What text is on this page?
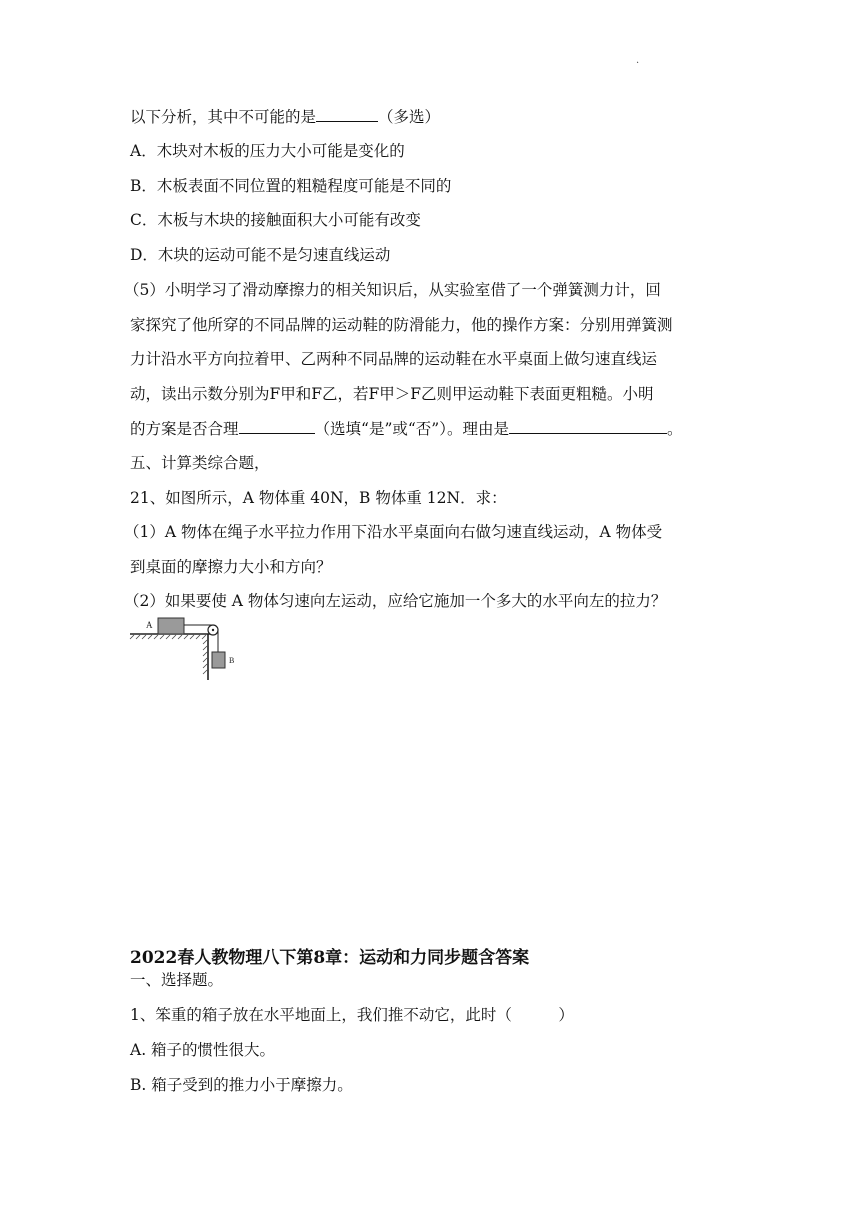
·
以下分析，其中不可能的是	（多选）
A．木块对木板的压力大小可能是变化的
B．木板表面不同位置的粗糙程度可能是不同的
C．木板与木块的接触面积大小可能有改变
D．木块的运动可能不是匀速直线运动
（5）小明学习了滑动摩擦力的相关知识后，从实验室借了一个弹簧测力计，回
家探究了他所穿的不同品牌的运动鞋的防滑能力，他的操作方案：分别用弹簧测
力计沿水平方向拉着甲、乙两种不同品牌的运动鞋在水平桌面上做匀速直线运
动，读出示数分别为F甲和F乙，若F甲＞F乙则甲运动鞋下表面更粗糙。小明
的方案是否合理	（选填“是”或“否”）。理由是	。
五、计算类综合题，
21、如图所示，A 物体重 40N，B 物体重 12N．求：
（1）A 物体在绳子水平拉力作用下沿水平桌面向右做匀速直线运动，A 物体受
到桌面的摩擦力大小和方向？
（2）如果要使 A 物体匀速向左运动，应给它施加一个多大的水平向左的拉力？
A
B
2022春人教物理八下第8章：运动和力同步题含答案
一、选择题。
1、笨重的箱子放在水平地面上，我们推不动它，此时（　　　）
A. 箱子的惯性很大。
B. 箱子受到的推力小于摩擦力。
